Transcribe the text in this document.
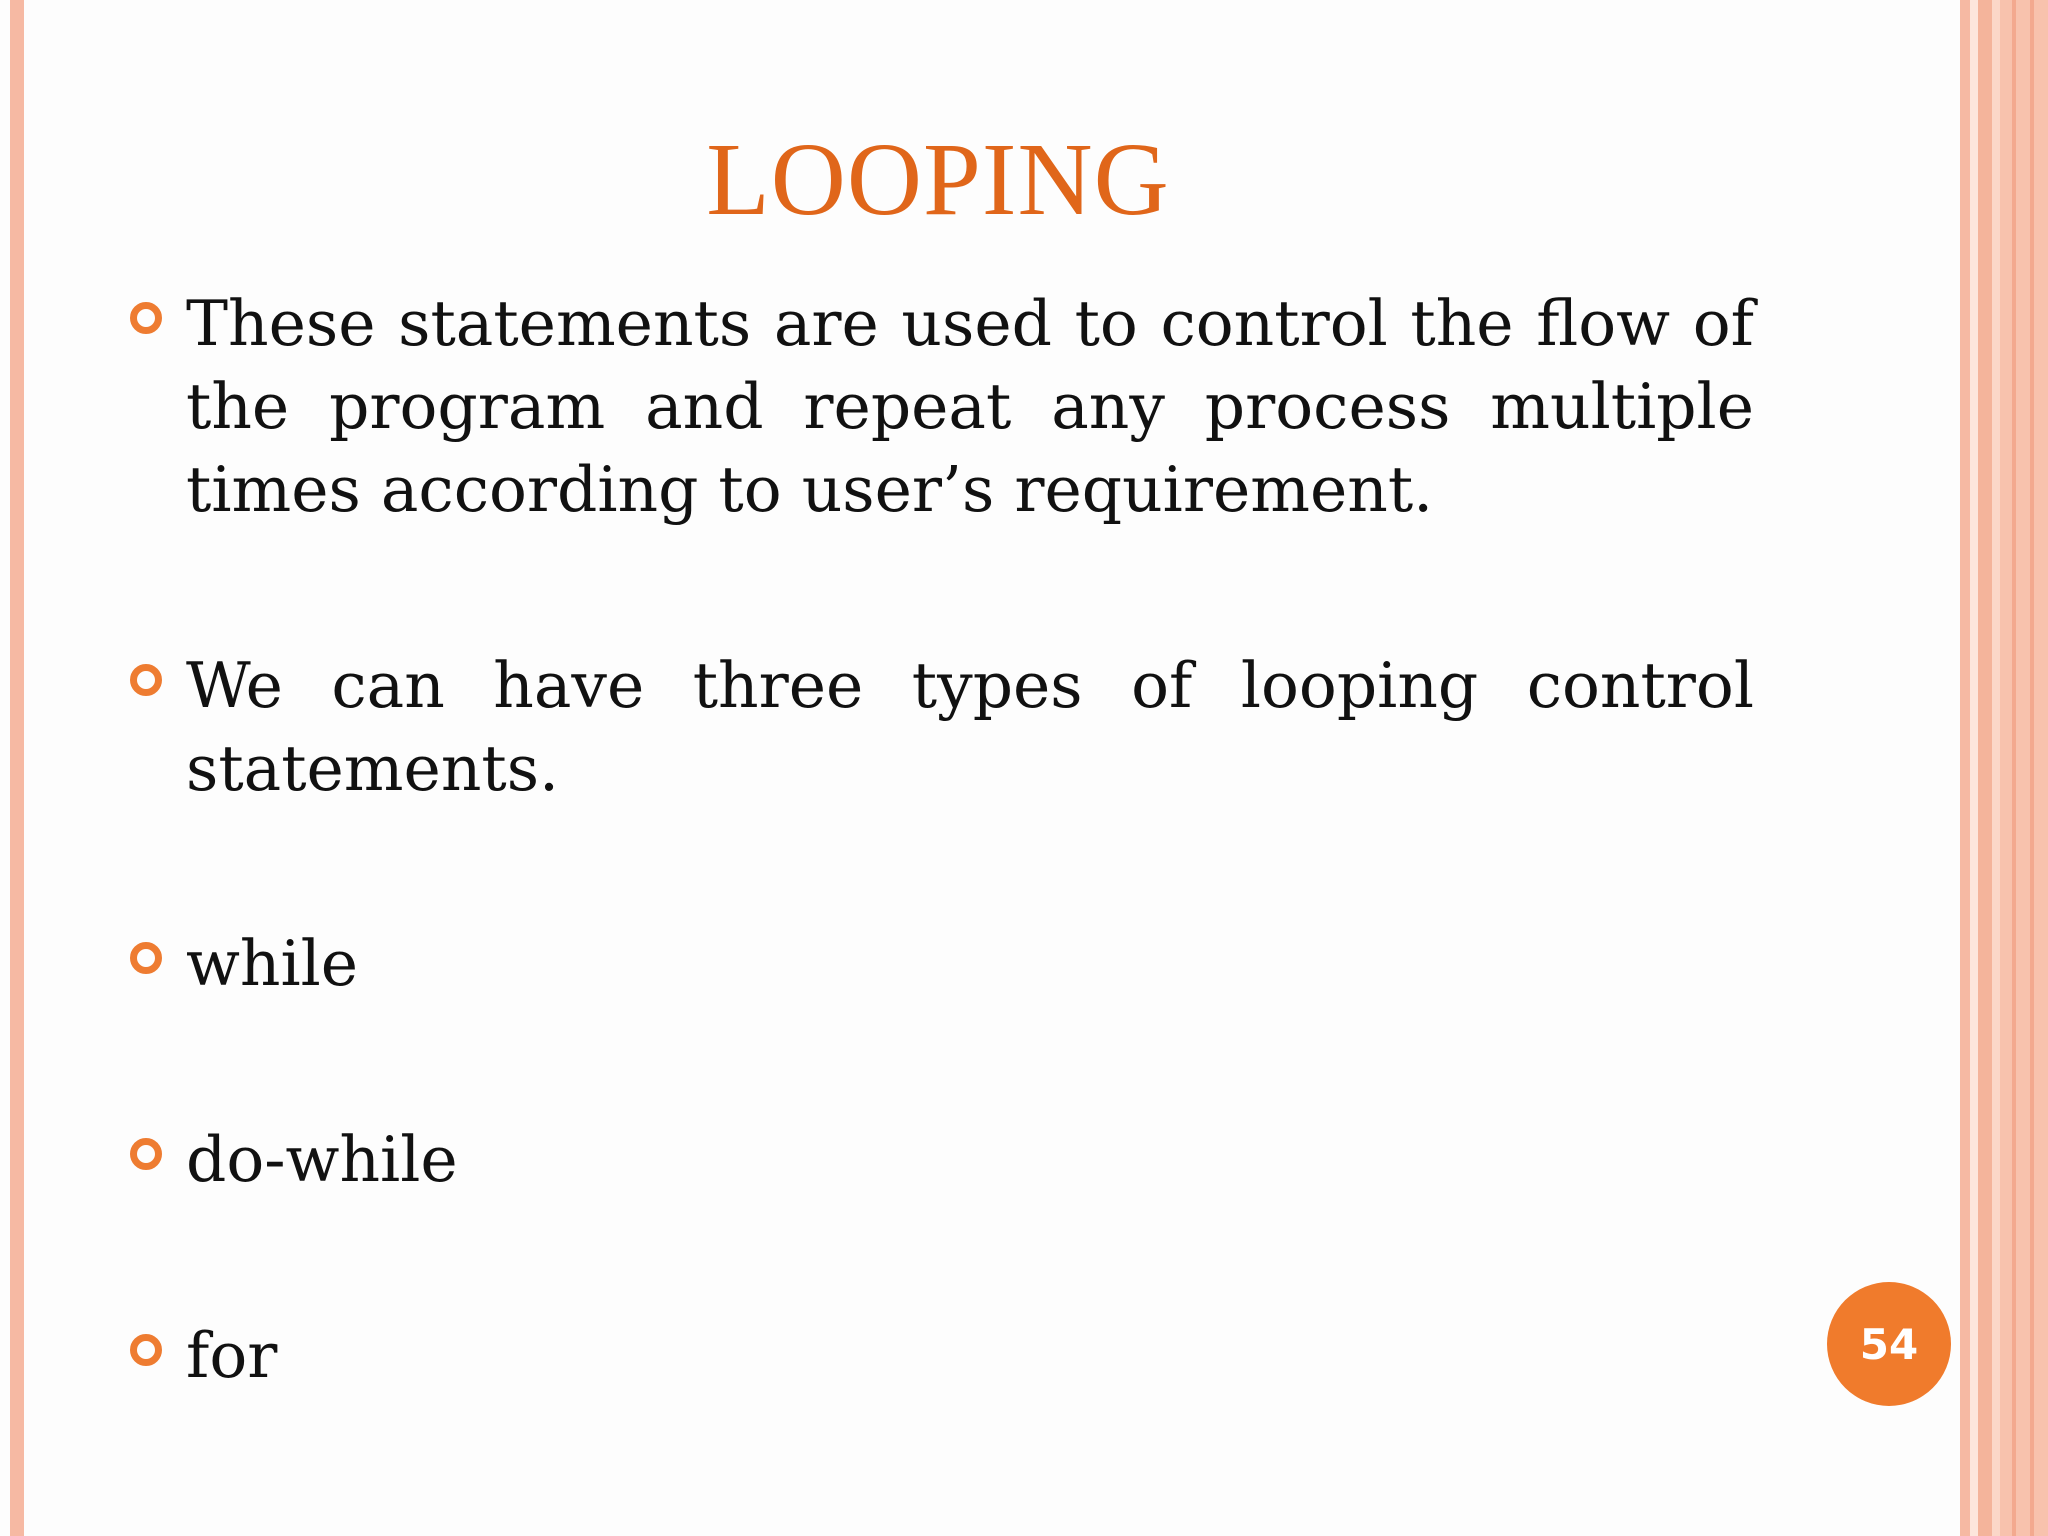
LOOPING
These statements are used to control the flow of the program and repeat any process multiple times according to user’s requirement.
We can have three types of looping control statements.
while
do-while
for	54
